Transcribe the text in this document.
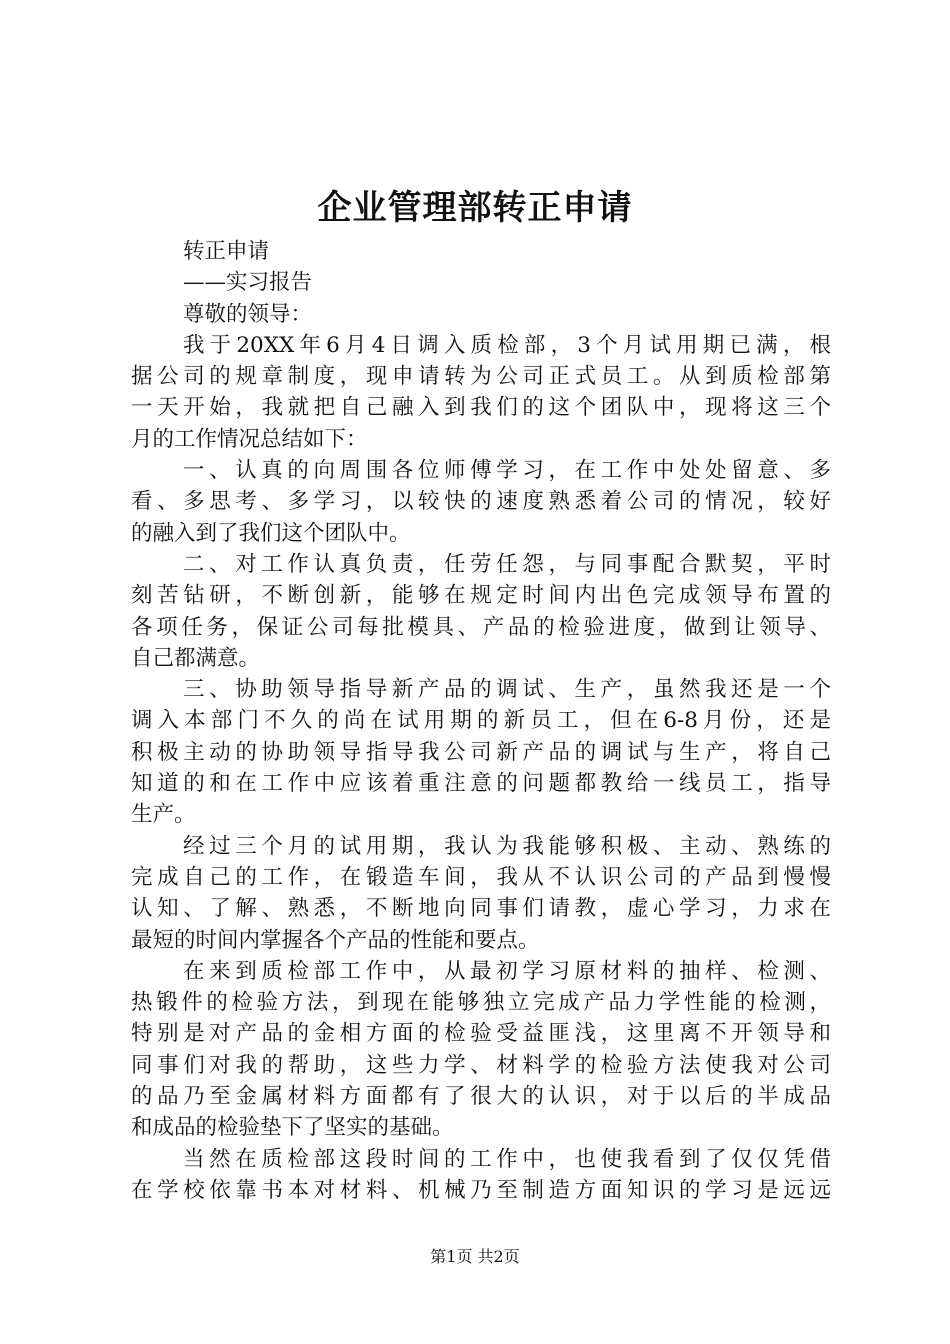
企业管理部转正申请
转正申请
——实习报告
尊敬的领导：
我于20XX年6月4日调入质检部，3个月试用期已满，根
据公司的规章制度，现申请转为公司正式员工。从到质检部第
一天开始，我就把自己融入到我们的这个团队中，现将这三个
月的工作情况总结如下：
一、认真的向周围各位师傅学习，在工作中处处留意、多
看、多思考、多学习，以较快的速度熟悉着公司的情况，较好
的融入到了我们这个团队中。
二、对工作认真负责，任劳任怨，与同事配合默契，平时
刻苦钻研，不断创新，能够在规定时间内出色完成领导布置的
各项任务，保证公司每批模具、产品的检验进度，做到让领导、
自己都满意。
三、协助领导指导新产品的调试、生产，虽然我还是一个
调入本部门不久的尚在试用期的新员工，但在6-8月份，还是
积极主动的协助领导指导我公司新产品的调试与生产，将自己
知道的和在工作中应该着重注意的问题都教给一线员工，指导
生产。
经过三个月的试用期，我认为我能够积极、主动、熟练的
完成自己的工作，在锻造车间，我从不认识公司的产品到慢慢
认知、了解、熟悉，不断地向同事们请教，虚心学习，力求在
最短的时间内掌握各个产品的性能和要点。
在来到质检部工作中，从最初学习原材料的抽样、检测、
热锻件的检验方法，到现在能够独立完成产品力学性能的检测，
特别是对产品的金相方面的检验受益匪浅，这里离不开领导和
同事们对我的帮助，这些力学、材料学的检验方法使我对公司
的品乃至金属材料方面都有了很大的认识，对于以后的半成品
和成品的检验垫下了坚实的基础。
当然在质检部这段时间的工作中，也使我看到了仅仅凭借
在学校依靠书本对材料、机械乃至制造方面知识的学习是远远
第1页 共2页
